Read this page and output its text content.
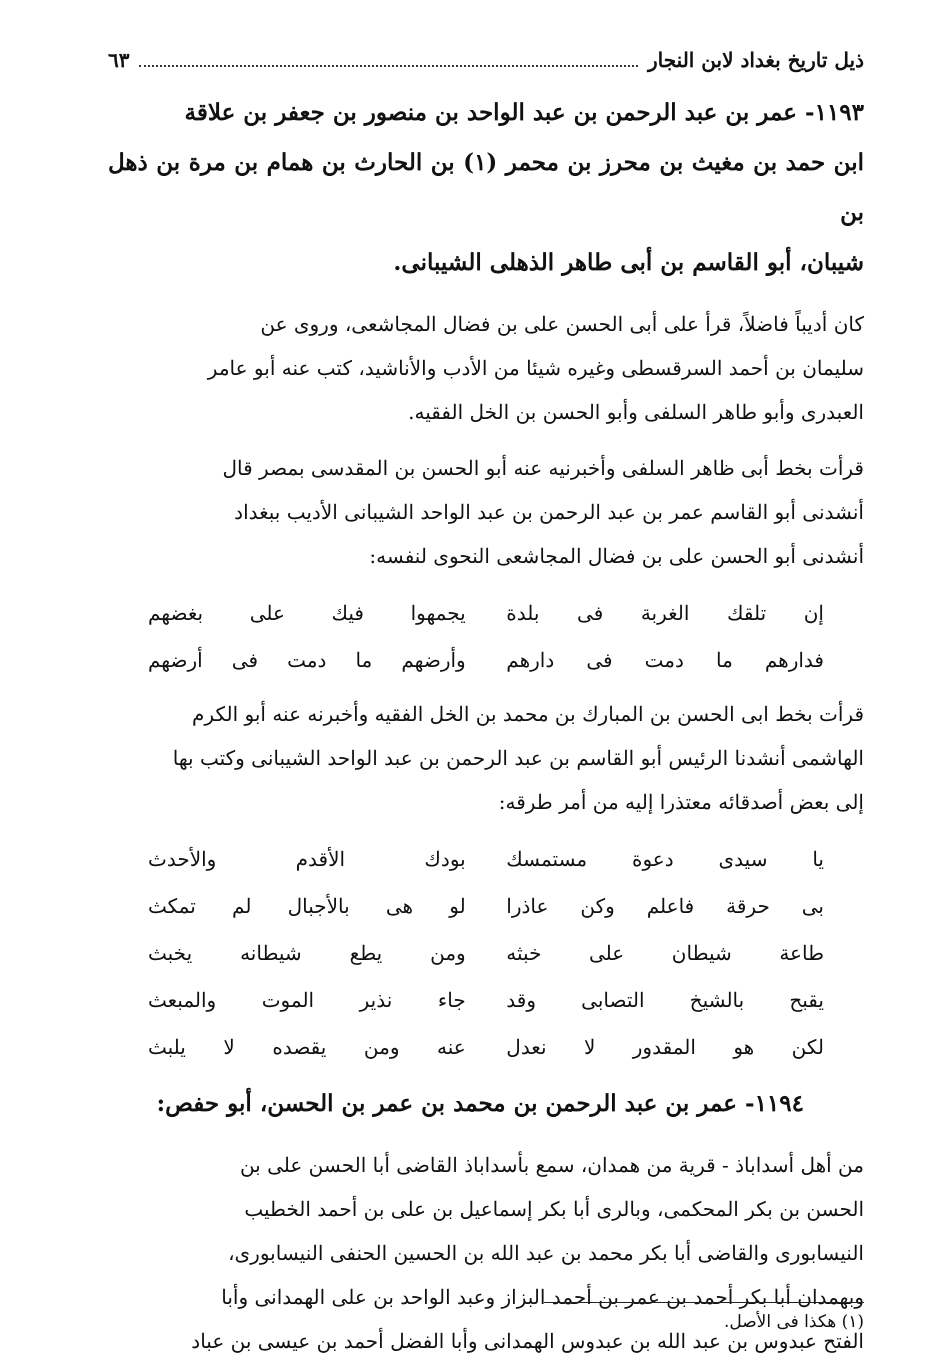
ذيل تاريخ بغداد لابن النجار
٦٣
١١٩٣- عمر بن عبد الرحمن بن عبد الواحد بن منصور بن جعفر بن علاقة
ابن حمد بن مغيث بن محرز بن محمر (١) بن الحارث بن همام بن مرة بن ذهل بن
شيبان، أبو القاسم بن أبى طاهر الذهلى الشيبانى.
كان أديباً فاضلاً، قرأ على أبى الحسن على بن فضال المجاشعى، وروى عن
سليمان بن أحمد السرقسطى وغيره شيئا من الأدب والأناشيد، كتب عنه أبو عامر
العبدرى وأبو طاهر السلفى وأبو الحسن بن الخل الفقيه.
قرأت بخط أبى ظاهر السلفى وأخبرنيه عنه أبو الحسن بن المقدسى بمصر قال
أنشدنى أبو القاسم عمر بن عبد الرحمن بن عبد الواحد الشيبانى الأديب ببغداد
أنشدنى أبو الحسن على بن فضال المجاشعى النحوى لنفسه:
إن تلقك الغربة فى بلدة
يجمهوا فيك على بغضهم
فدارهم ما دمت فى دارهم
وأرضهم ما دمت فى أرضهم
قرأت بخط ابى الحسن بن المبارك بن محمد بن الخل الفقيه وأخبرنه عنه أبو الكرم
الهاشمى أنشدنا الرئيس أبو القاسم بن عبد الرحمن بن عبد الواحد الشيبانى وكتب بها
إلى بعض أصدقائه معتذرا إليه من أمر طرقه:
يا سيدى دعوة مستمسك
بودك الأقدم والأحدث
بى حرقة فاعلم وكن عاذرا
لو هى بالأجبال لم تمكث
طاعة شيطان على خبثه
ومن يطع شيطانه يخبث
يقبح بالشيخ التصابى وقد
جاء نذير الموت والمبعث
لكن هو المقدور لا نعدل
عنه ومن يقصده لا يلبث
١١٩٤- عمر بن عبد الرحمن بن محمد بن عمر بن الحسن، أبو حفص:
من أهل أسداباذ - قرية من همدان، سمع بأسداباذ القاضى أبا الحسن على بن
الحسن بن بكر المحكمى، وبالرى أبا بكر إسماعيل بن على بن أحمد الخطيب
النيسابورى والقاضى أبا بكر محمد بن عبد الله بن الحسين الحنفى النيسابورى،
وبهمدان أبا بكر أحمد بن عمر بن أحمد البزاز وعبد الواحد بن على الهمدانى وأبا
الفتح عبدوس بن عبد الله بن عبدوس الهمدانى وأبا الفضل أحمد بن عيسى بن عباد
(١) هكذا فى الأصل.
